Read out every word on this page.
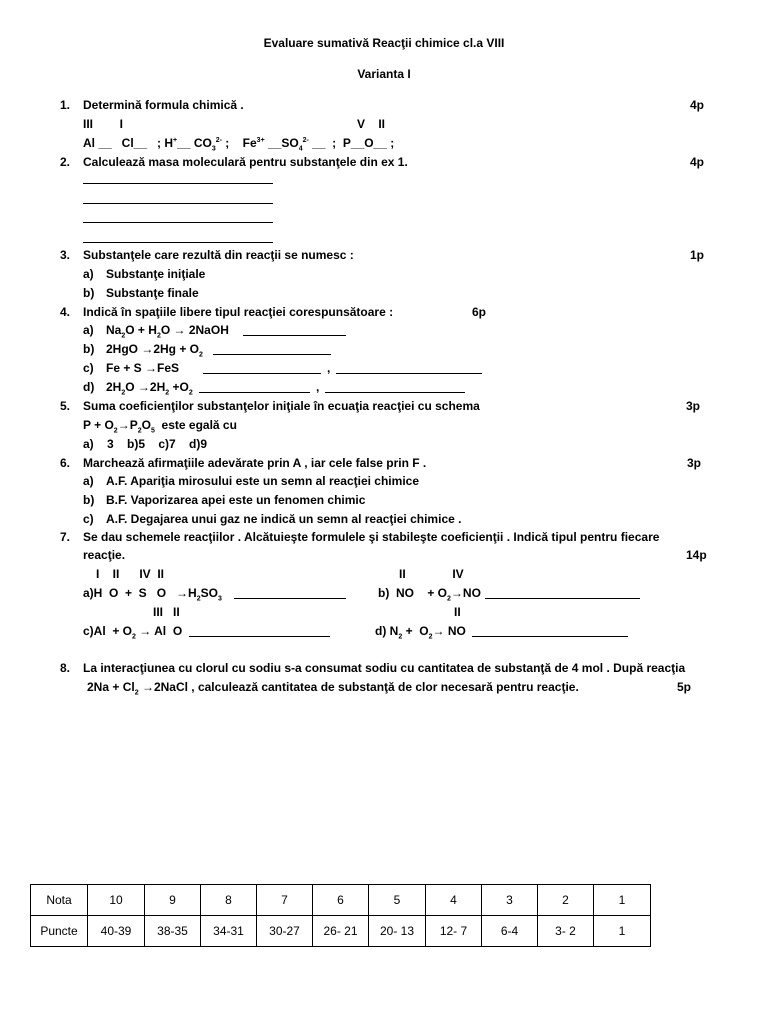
Evaluare sumativă Reacţii chimice cl.a VIII
Varianta I
1. Determină formula chimică .	4p
III        I	V    II
Al __   Cl__   ; H+__ $CO_3^{2-}$ ; $Fe^{3+}$ $\_\_SO_4^{2-}$ __  ; P__O__ ;
2. Calculează masa moleculară pentru substanţele din ex 1.	4p
3. Substanţele care rezultă din reacţii se numesc :	1p
a) Substanţe iniţiale
b) Substanţe finale
4. Indică în spaţiile libere tipul reacţiei corespunsătoare :	6p
a) $Na_2O + H_2O$ → 2NaOH
b) $2HgO \to 2Hg + O_2$
c) Fe + S →FeS	,
d) $2H_2O \to 2H_2 +O_2$	,
5. Suma coeficienţilor substanţelor iniţiale în ecuaţia reacţiei cu schema	3p
$P + O_2\to P_2O_5$  este egală cu
a)    3    b)5    c)7    d)9
6. Marchează afirmaţiile adevărate prin A , iar cele false prin F .	3p
a) A.F. Apariţia mirosului este un semn al reacţiei chimice
b) B.F. Vaporizarea apei este un fenomen chimic
c) A.F. Degajarea unui gaz ne indică un semn al reacţiei chimice .
7. Se dau schemele reacţiilor . Alcătuieşte formulele şi stabileşte coeficienţii . Indică tipul pentru fiecare
reacţie.	14p
I    II      IV  II	II              IV
a)H  O  +  S   $O \to H_2SO_3$	b)  NO    + $O_2\to NO$
III   II	II
$c)Al + O_2 \to Al$  O	d) $N_2 + O_2\to$ NO
8. La interacţiunea cu clorul cu sodiu s-a consumat sodiu cu cantitatea de substanţă de 4 mol . După reacţia
$2Na + Cl_2$ →2NaCl , calculează cantitatea de substanţă de clor necesară pentru reacţie.	5p
Nota	10	9	8	7	6	5	4	3	2	1
Puncte	40-39	38-35	34-31	30-27	26- 21	20- 13	12- 7	6-4	3- 2	1
